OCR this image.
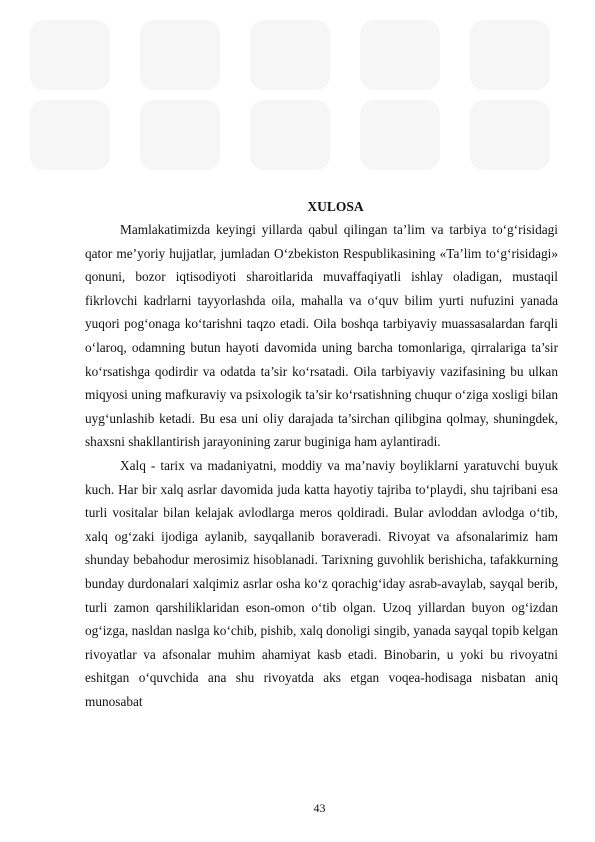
XULOSA

Mamlakatimizda keyingi yillarda qabul qilingan ta’lim va tarbiya to‘g‘risidagi qator me’yoriy hujjatlar, jumladan O‘zbekiston Respublikasining «Ta’lim to‘g‘risidagi» qonuni, bozor iqtisodiyoti sharoitlarida muvaffaqiyatli ishlay oladigan, mustaqil fikrlovchi kadrlarni tayyorlashda oila, mahalla va o‘quv bilim yurti nufuzini yanada yuqori pog‘onaga ko‘tarishni taqzo etadi. Oila boshqa tarbiyaviy muassasalardan farqli o‘laroq, odamning butun hayoti davomida uning barcha tomonlariga, qirralariga ta’sir ko‘rsatishga qodirdir va odatda ta’sir ko‘rsatadi. Oila tarbiyaviy vazifasining bu ulkan miqyosi uning mafkuraviy va psixologik ta’sir ko‘rsatishning chuqur o‘ziga xosligi bilan uyg‘unlashib ketadi. Bu esa uni oliy darajada ta’sirchan qilibgina qolmay, shuningdek, shaxsni shakllantirish jarayonining zarur buginiga ham aylantiradi.

Xalq - tarix va madaniyatni, moddiy va ma’naviy boyliklarni yaratuvchi buyuk kuch. Har bir xalq asrlar davomida juda katta hayotiy tajriba to‘playdi, shu tajribani esa turli vositalar bilan kelajak avlodlarga meros qoldiradi. Bular avloddan avlodga o‘tib, xalq og‘zaki ijodiga aylanib, sayqallanib boraveradi. Rivoyat va afsonalarimiz ham shunday bebahodur merosimiz hisoblanadi. Tarixning guvohlik berishicha, tafakkurning bunday durdonalari xalqimiz asrlar osha ko‘z qorachig‘iday asrab-avaylab, sayqal berib, turli zamon qarshiliklaridan eson-omon o‘tib olgan. Uzoq yillardan buyon og‘izdan og‘izga, nasldan naslga ko‘chib, pishib, xalq donoligi singib, yanada sayqal topib kelgan rivoyatlar va afsonalar muhim ahamiyat kasb etadi. Binobarin, u yoki bu rivoyatni eshitgan o‘quvchida ana shu rivoyatda aks etgan voqea-hodisaga nisbatan aniq munosabat

43
